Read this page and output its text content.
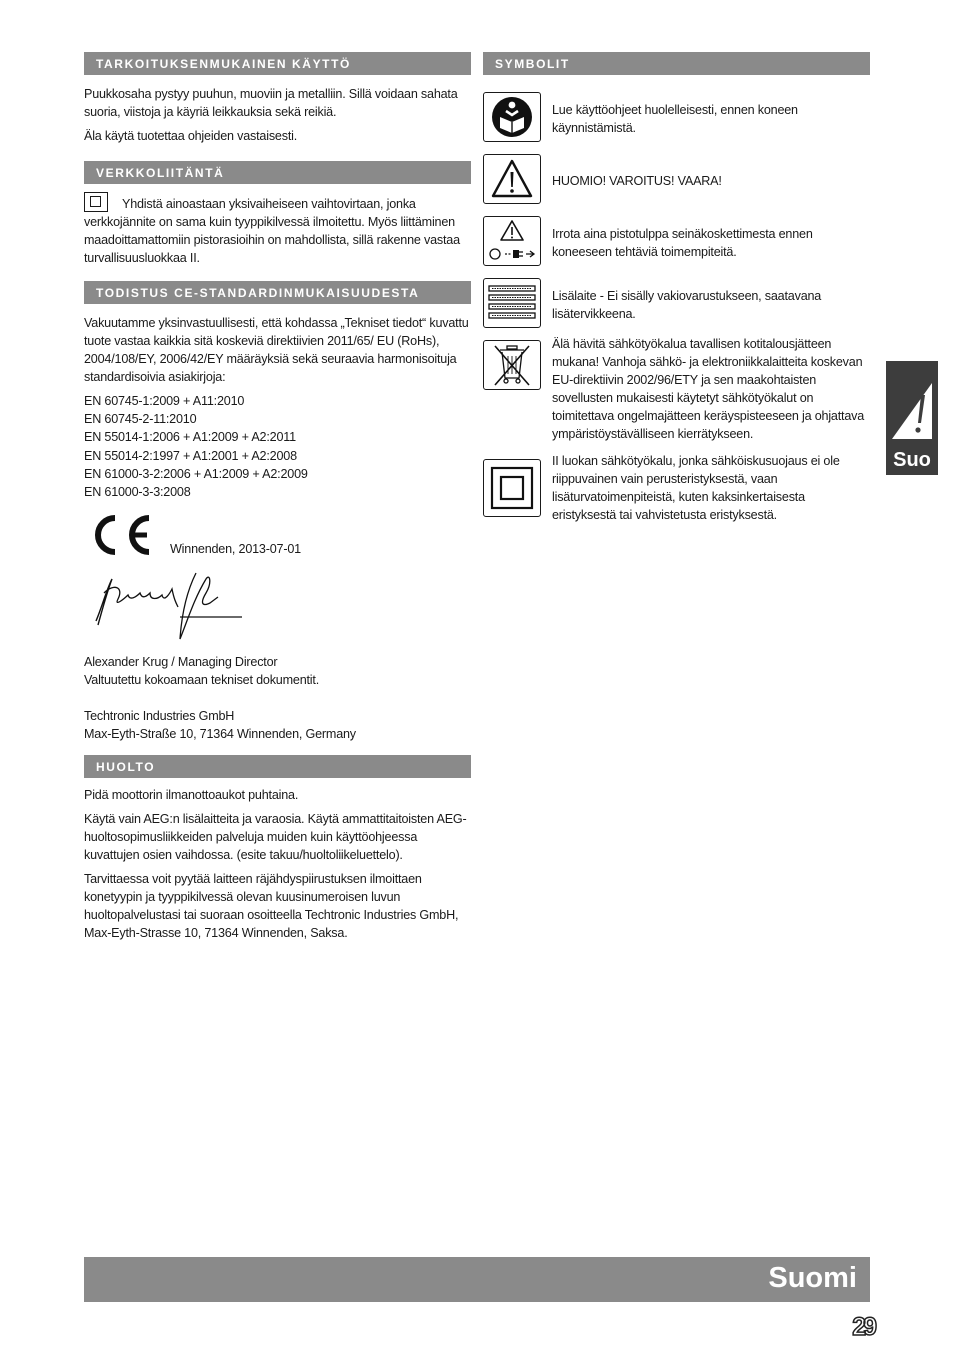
TARKOITUKSENMUKAINEN KÄYTTÖ

Puukkosaha pystyy puuhun, muoviin ja metalliin. Sillä voidaan sahata suoria, viistoja ja käyriä leikkauksia sekä reikiä.

Äla käytä tuotettaa ohjeiden vastaisesti.

VERKKOLIITÄNTÄ

Yhdistä ainoastaan yksivaiheiseen vaihtovirtaan, jonka verkkojännite on sama kuin tyyppikilvessä ilmoitettu. Myös liittäminen maadoittamattomiin pistorasioihin on mahdollista, sillä rakenne vastaa turvallisuusluokkaa II.

TODISTUS CE-STANDARDINMUKAISUUDESTA

Vakuutamme yksinvastuullisesti, että kohdassa „Tekniset tiedot“ kuvattu tuote vastaa kaikkia sitä koskeviä direktiivien 2011/65/ EU (RoHs), 2004/108/EY, 2006/42/EY määräyksiä sekä seuraavia harmonisoituja standardisoivia asiakirjoja:

EN 60745-1:2009 + A11:2010
EN 60745-2-11:2010
EN 55014-1:2006 + A1:2009 + A2:2011
EN 55014-2:1997 + A1:2001 + A2:2008
EN 61000-3-2:2006 + A1:2009 + A2:2009
EN 61000-3-3:2008
Winnenden, 2013-07-01

Alexander Krug / Managing Director

Valtuutettu kokoamaan tekniset dokumentit.

Techtronic Industries GmbH

Max-Eyth-Straße 10, 71364 Winnenden, Germany

HUOLTO

Pidä moottorin ilmanottoaukot puhtaina.

Käytä vain AEG:n lisälaitteita ja varaosia. Käytä ammattitaitoisten AEG-huoltosopimusliikkeiden palveluja muiden kuin käyttöohjeessa kuvattujen osien vaihdossa. (esite takuu/huoltoliikeluettelo).

Tarvittaessa voit pyytää laitteen räjähdyspiirustuksen ilmoittaen konetyypin ja tyyppikilvessä olevan kuusinumeroisen luvun huoltopalvelustasi tai suoraan osoitteella Techtronic Industries GmbH, Max-Eyth-Strasse 10, 71364 Winnenden, Saksa.

SYMBOLIT
Lue käyttöohjeet huolelleisesti, ennen koneen käynnistämistä.
HUOMIO! VAROITUS! VAARA!
Irrota aina pistotulppa seinäkoskettimesta ennen koneeseen tehtäviä toimempiteitä.
Lisälaite - Ei sisälly vakiovarustukseen, saatavana lisätervikkeena.
Älä hävitä sähkötyökalua tavallisen kotitalousjätteen mukana! Vanhoja sähkö- ja elektroniikkalaitteita koskevan EU-direktiivin 2002/96/ETY ja sen maakohtaisten sovellusten mukaisesti käytetyt sähkötyökalut on toimitettava ongelmajätteen keräyspisteeseen ja ohjattava ympäristöystävälliseen kierrätykseen.
II luokan sähkötyökalu, jonka sähköiskusuojaus ei ole riippuvainen vain perusteristyksestä, vaan lisäturvatoimenpiteistä, kuten kaksinkertaisesta eristyksestä tai vahvistetusta eristyksestä.
Suo
Suomi
29
